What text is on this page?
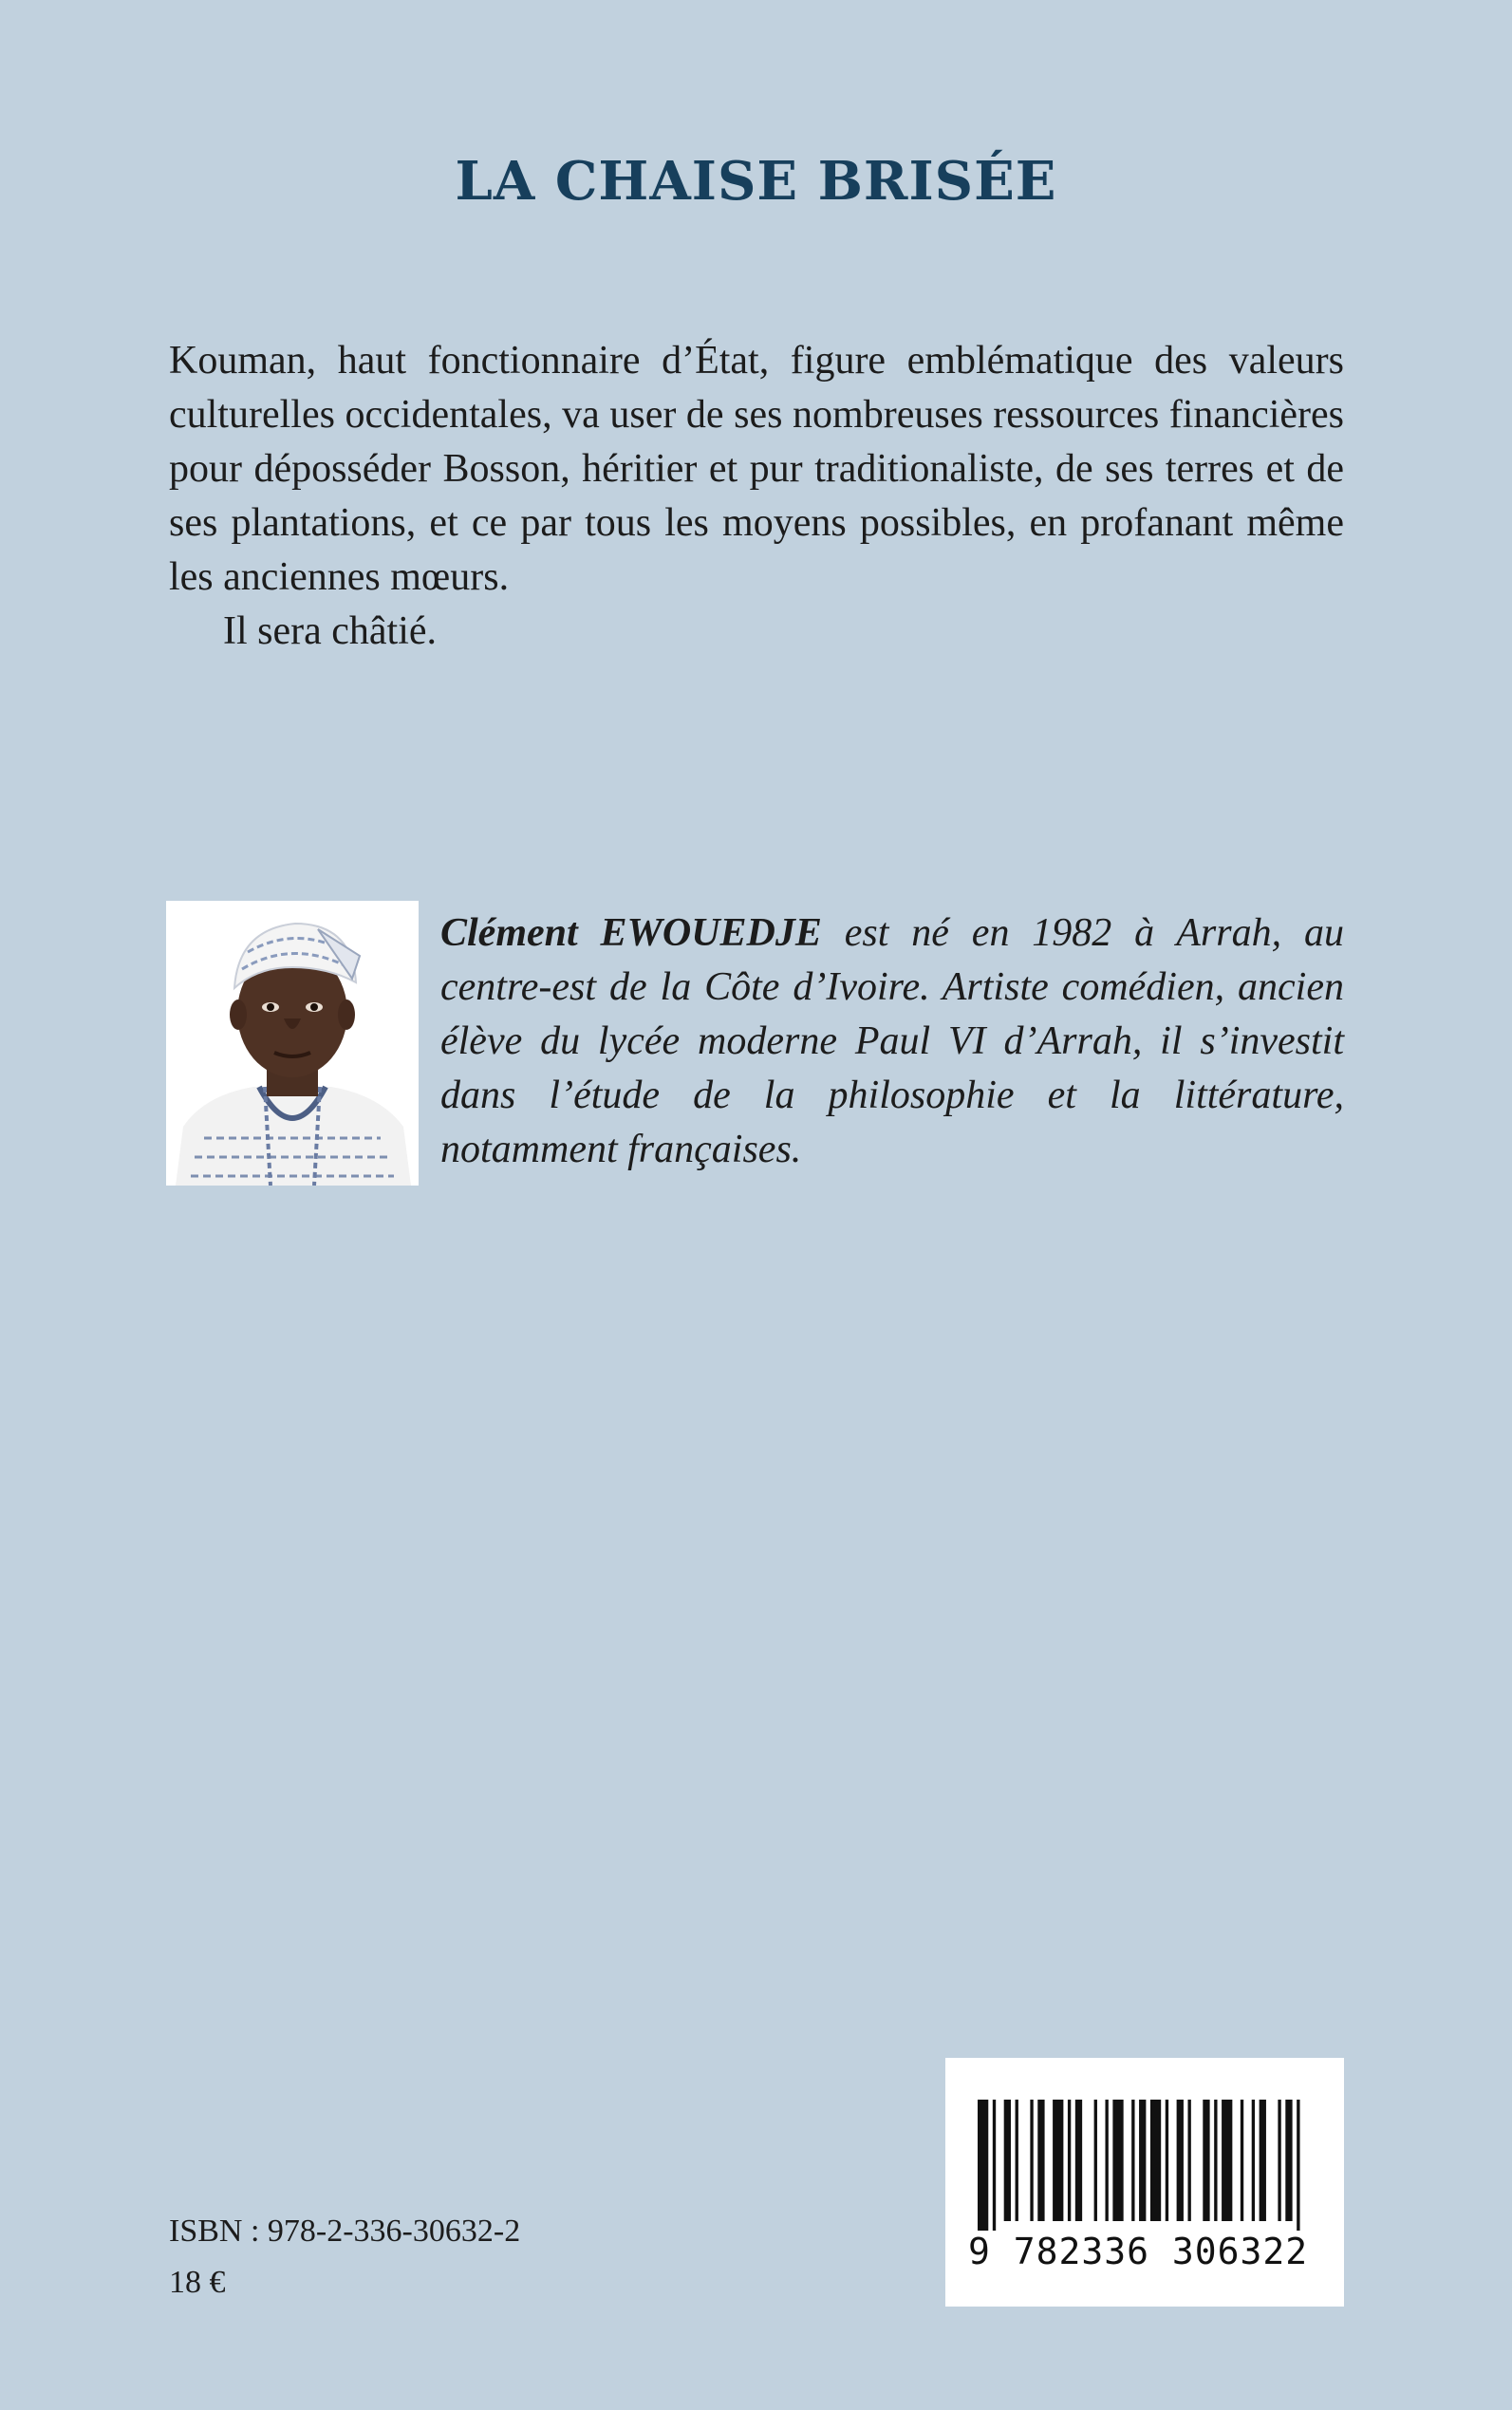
LA CHAISE BRISÉE

Kouman, haut fonctionnaire d’État, figure emblématique des valeurs culturelles occidentales, va user de ses nombreuses ressources financières pour déposséder Bosson, héritier et pur traditionaliste, de ses terres et de ses plantations, et ce par tous les moyens possibles, en profanant même les anciennes mœurs.

Il sera châtié.

Clément EWOUEDJE est né en 1982 à Arrah, au centre-est de la Côte d’Ivoire. Artiste comédien, ancien élève du lycée moderne Paul VI d’Arrah, il s’investit dans l’étude de la philosophie et la littérature, notamment françaises.

9 782336 306322

ISBN : 978-2-336-30632-2

18 €
